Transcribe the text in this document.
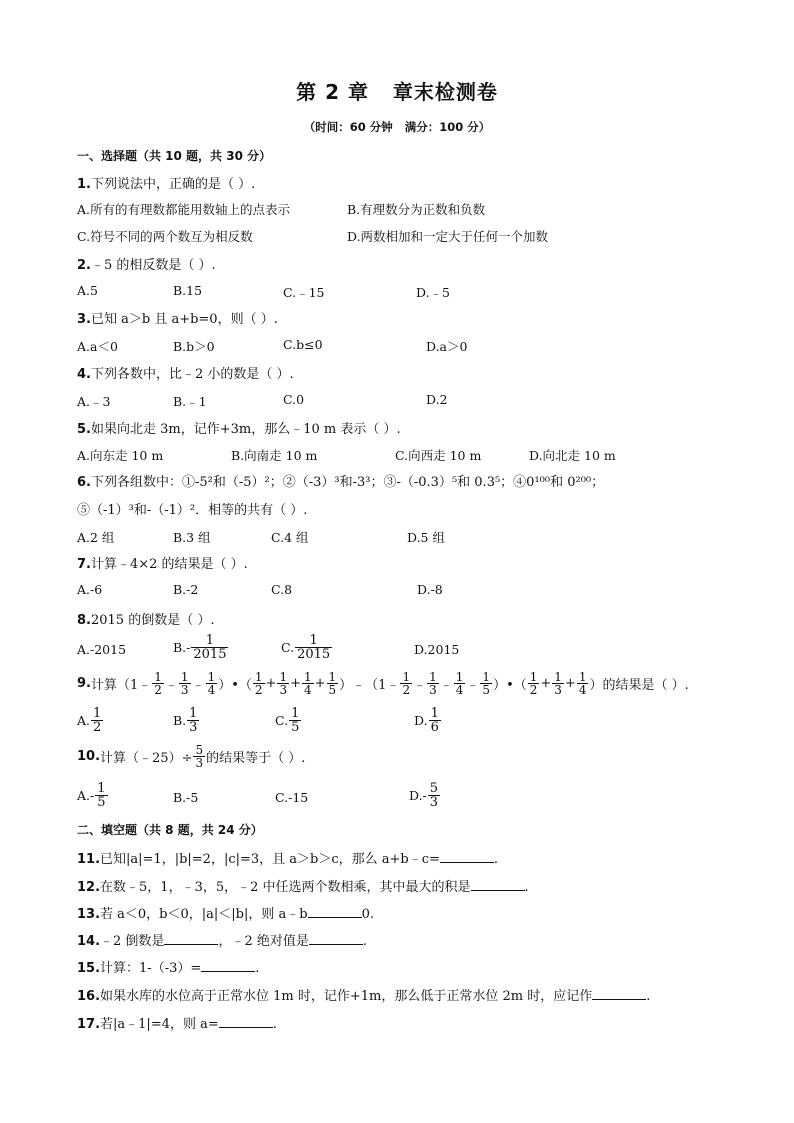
第 2 章   章末检测卷
（时间：60 分钟   满分：100 分）
一、选择题（共 10 题，共 30 分）
1.下列说法中，正确的是（ ）.
A.所有的有理数都能用数轴上的点表示	B.有理数分为正数和负数
C.符号不同的两个数互为相反数	D.两数相加和一定大于任何一个加数
2.﹣5 的相反数是（ ）.
A.5	B.15	C.﹣15	D.﹣5
3.已知 a＞b 且 a+b=0，则（ ）.
A.a＜0	B.b＞0	C.b≤0	D.a＞0
4.下列各数中，比﹣2 小的数是（ ）.
A.﹣3	B.﹣1	C.0	D.2
5.如果向北走 3m，记作+3m，那么﹣10 m 表示（ ）.
A.向东走 10 m	B.向南走 10 m	C.向西走 10 m	D.向北走 10 m
6.下列各组数中：①-5²和（-5）²；②（-3）³和-3³；③-（-0.3）⁵和 0.3⁵；④0¹⁰⁰和 0²⁰⁰；
⑤（-1）³和-（-1）²．相等的共有（ ）.
A.2 组	B.3 组	C.4 组	D.5 组
7.计算﹣4×2 的结果是（ ）.
A.-6	B.-2	C.8	D.-8
8.2015 的倒数是（ ）.
A.-2015	$B.- \frac{1}{2015}$	C. $\frac{1}{2015}$	D.2015
9.计算（1﹣ $\frac{1}{2}$ ﹣ $\frac{1}{3}$ ﹣ $\frac{1}{4}$ ）•（ $\frac{1}{2} + \frac{1}{3} + \frac{1}{4} + \frac{1}{5}$ ）﹣（1﹣ $\frac{1}{2}$ ﹣ $\frac{1}{3}$ ﹣ $\frac{1}{4}$ ﹣ $\frac{1}{5}$ ）•（ $\frac{1}{2} + \frac{1}{3} + \frac{1}{4}$ ）的结果是（ ）.
A. $\frac{1}{2}$	B. $\frac{1}{3}$	C. $\frac{1}{5}$	D. $\frac{1}{6}$
10.计算（﹣25）÷ $\frac{5}{3}$ 的结果等于（ ）.
$A.- \frac{1}{5}$	B.-5	C.-15	$D.- \frac{5}{3}$
二、填空题（共 8 题，共 24 分）
11.已知|a|=1，|b|=2，|c|=3，且 a＞b＞c，那么 a+b﹣c=	.
12.在数﹣5，1，﹣3，5，﹣2 中任选两个数相乘，其中最大的积是	.
13.若 a＜0，b＜0，|a|＜|b|，则 a﹣b	0.
14.﹣2 倒数是	，﹣2 绝对值是	.
15.计算：1-（-3）=	.
16.如果水库的水位高于正常水位 1m 时，记作+1m，那么低于正常水位 2m 时，应记作	.
17.若|a﹣1|=4，则 a=	.
